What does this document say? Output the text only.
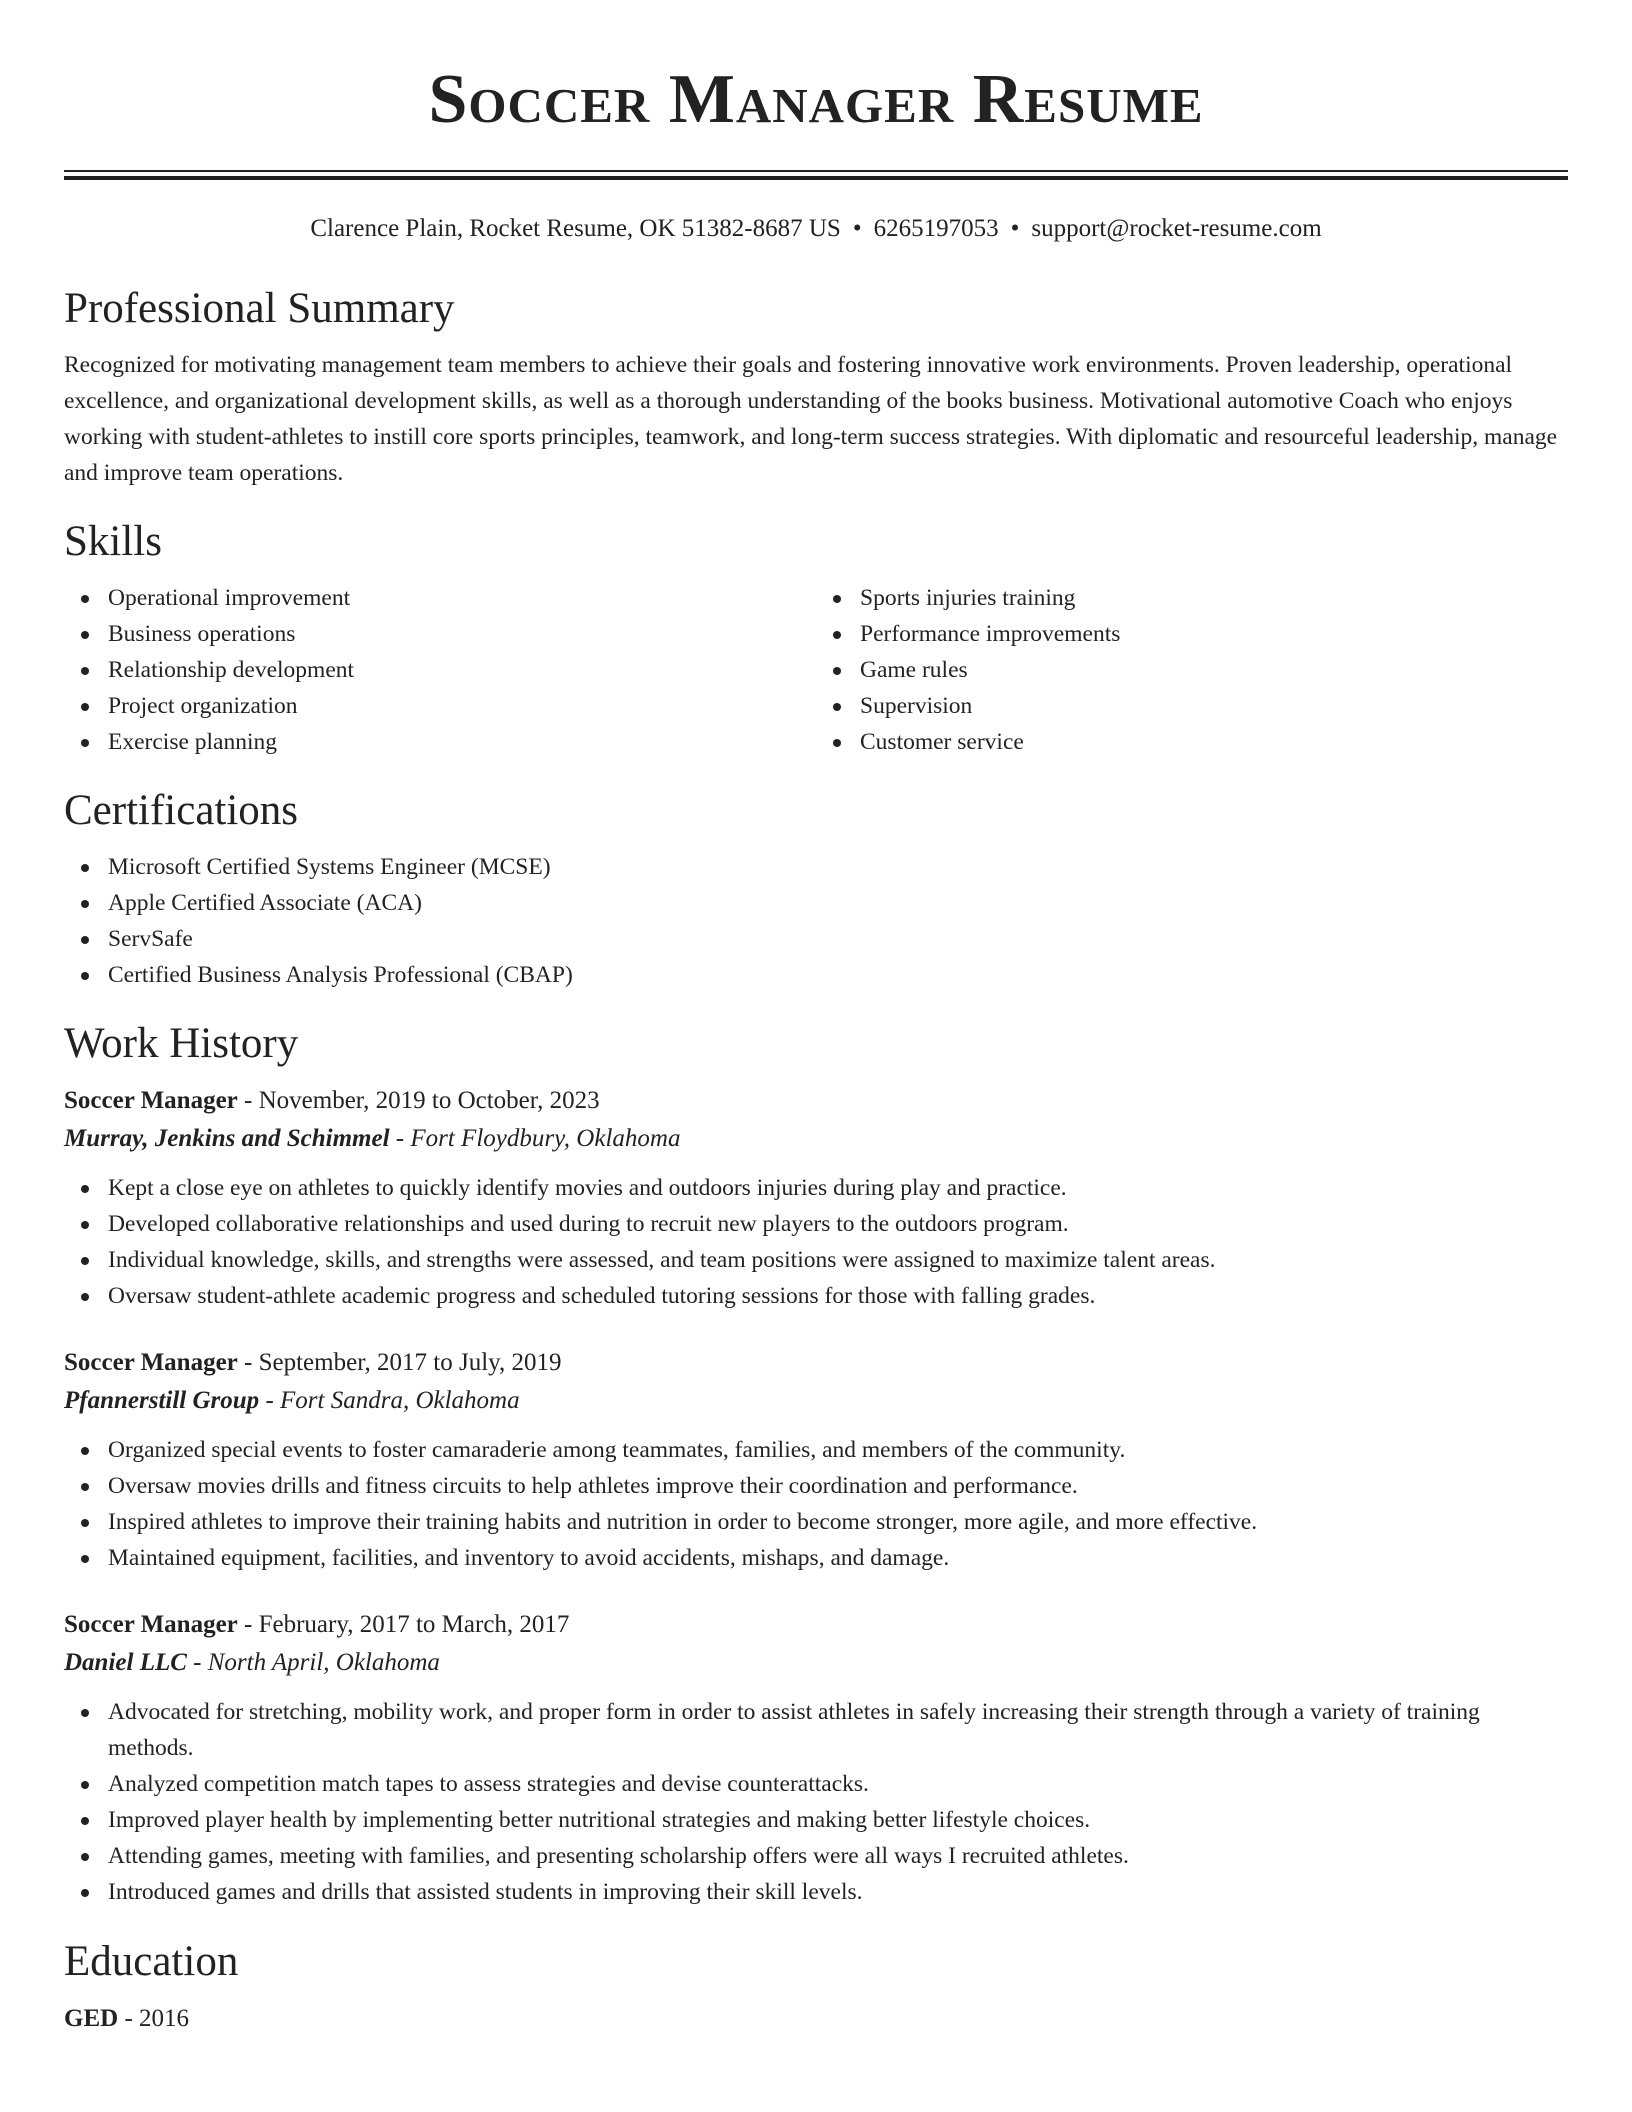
Soccer Manager Resume
Clarence Plain, Rocket Resume, OK 51382-8687 US • 6265197053 • support@rocket-resume.com
Professional Summary

Recognized for motivating management team members to achieve their goals and fostering innovative work environments. Proven leadership, operational excellence, and organizational development skills, as well as a thorough understanding of the books business. Motivational automotive Coach who enjoys working with student-athletes to instill core sports principles, teamwork, and long-term success strategies. With diplomatic and resourceful leadership, manage and improve team operations.

Skills
Operational improvement
Business operations
Relationship development
Project organization
Exercise planning
Sports injuries training
Performance improvements
Game rules
Supervision
Customer service
Certifications
Microsoft Certified Systems Engineer (MCSE)
Apple Certified Associate (ACA)
ServSafe
Certified Business Analysis Professional (CBAP)
Work History
Soccer Manager - November, 2019 to October, 2023
Murray, Jenkins and Schimmel - Fort Floydbury, Oklahoma
Kept a close eye on athletes to quickly identify movies and outdoors injuries during play and practice.
Developed collaborative relationships and used during to recruit new players to the outdoors program.
Individual knowledge, skills, and strengths were assessed, and team positions were assigned to maximize talent areas.
Oversaw student-athlete academic progress and scheduled tutoring sessions for those with falling grades.
Soccer Manager - September, 2017 to July, 2019
Pfannerstill Group - Fort Sandra, Oklahoma
Organized special events to foster camaraderie among teammates, families, and members of the community.
Oversaw movies drills and fitness circuits to help athletes improve their coordination and performance.
Inspired athletes to improve their training habits and nutrition in order to become stronger, more agile, and more effective.
Maintained equipment, facilities, and inventory to avoid accidents, mishaps, and damage.
Soccer Manager - February, 2017 to March, 2017
Daniel LLC - North April, Oklahoma
Advocated for stretching, mobility work, and proper form in order to assist athletes in safely increasing their strength through a variety of training methods.
Analyzed competition match tapes to assess strategies and devise counterattacks.
Improved player health by implementing better nutritional strategies and making better lifestyle choices.
Attending games, meeting with families, and presenting scholarship offers were all ways I recruited athletes.
Introduced games and drills that assisted students in improving their skill levels.
Education
GED - 2016
